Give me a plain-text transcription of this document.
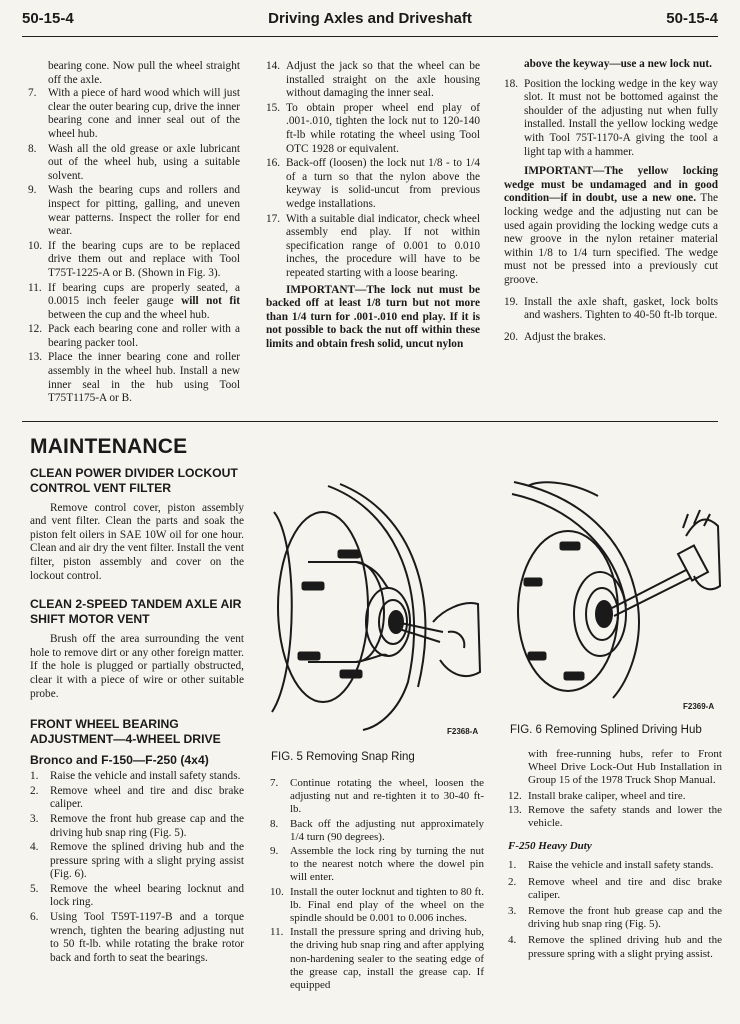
50-15-4	Driving Axles and Driveshaft	50-15-4

bearing cone. Now pull the wheel straight off the axle.

7.	With a piece of hard wood which will just clear the outer bearing cup, drive the inner bearing cone and inner seal out of the wheel hub.
8.	Wash all the old grease or axle lubricant out of the wheel hub, using a suitable solvent.
9.	Wash the bearing cups and rollers and inspect for pitting, galling, and uneven wear patterns. Inspect the roller for end wear.
10. If the bearing cups are to be replaced drive them out and replace with Tool T75T-1225-A or B. (Shown in Fig. 3).
11. If bearing cups are properly seated, a 0.0015 inch feeler gauge will not fit between the cup and the wheel hub.
12. Pack each bearing cone and roller with a bearing packer tool.
13. Place the inner bearing cone and roller assembly in the wheel hub. Install a new inner seal in the hub using Tool T75T1175-A or B.
14. Adjust the jack so that the wheel can be installed straight on the axle housing without damaging the inner seal.
15. To obtain proper wheel end play of .001-.010, tighten the lock nut to 120-140 ft-lb while rotating the wheel using Tool OTC 1928 or equivalent.
16. Back-off (loosen) the lock nut 1/8 - to 1/4 of a turn so that the nylon above the keyway is solid-uncut from previous wedge installations.
17. With a suitable dial indicator, check wheel assembly end play. If not within specification range of 0.001 to 0.010 inches, the procedure will have to be repeated starting with a loose bearing.

IMPORTANT—The lock nut must be backed off at least 1/8 turn but not more than 1/4 turn for .001-.010 end play. If it is not possible to back the nut off within these limits and obtain fresh solid, uncut nylon

above the keyway—use a new lock nut.

18. Position the locking wedge in the key way slot. It must not be bottomed against the shoulder of the adjusting nut when fully installed. Install the yellow locking wedge with Tool 75T-1170-A giving the tool a light tap with a hammer.

IMPORTANT—The yellow locking wedge must be undamaged and in good condition—if in doubt, use a new one. The locking wedge and the adjusting nut can be used again providing the locking wedge cuts a new groove in the nylon retainer material within 1/8 to 1/4 turn specified. The wedge must not be pressed into a previously cut groove.

19. Install the axle shaft, gasket, lock bolts and washers. Tighten to 40-50 ft-lb torque.
20. Adjust the brakes.
MAINTENANCE
CLEAN POWER DIVIDER LOCKOUT CONTROL VENT FILTER

Remove control cover, piston assembly and vent filter. Clean the parts and soak the piston felt oilers in SAE 10W oil for one hour. Clean and air dry the vent filter. Install the vent filter, piston assembly and cover on the lockout control.

CLEAN 2-SPEED TANDEM AXLE AIR SHIFT MOTOR VENT

Brush off the area surrounding the vent hole to remove dirt or any other foreign matter. If the hole is plugged or partially obstructed, clear it with a piece of wire or other suitable probe.

FRONT WHEEL BEARING ADJUSTMENT—4-WHEEL DRIVE
Bronco and F-150—F-250 (4x4)
1.	Raise the vehicle and install safety stands.
2.	Remove wheel and tire and disc brake caliper.
3.	Remove the front hub grease cap and the driving hub snap ring (Fig. 5).
4.	Remove the splined driving hub and the pressure spring with a slight prying assist (Fig. 6).
5.	Remove the wheel bearing locknut and lock ring.
6.	Using Tool T59T-1197-B and a torque wrench, tighten the bearing adjusting nut to 50 ft-lb. while rotating the brake rotor back and forth to seat the bearings.
F2368-A
FIG. 5 Removing Snap Ring
F2369-A
FIG. 6 Removing Splined Driving Hub
7.	Continue rotating the wheel, loosen the adjusting nut and re-tighten it to 30-40 ft-lb.
8.	Back off the adjusting nut approximately 1/4 turn (90 degrees).
9.	Assemble the lock ring by turning the nut to the nearest notch where the dowel pin will enter.
10. Install the outer locknut and tighten to 80 ft. lb. Final end play of the wheel on the spindle should be 0.001 to 0.006 inches.
11. Install the pressure spring and driving hub, the driving hub snap ring and after applying non-hardening sealer to the seating edge of the grease cap, install the grease cap. If equipped

with free-running hubs, refer to Front Wheel Drive Lock-Out Hub Installation in Group 15 of the 1978 Truck Shop Manual.

12. Install brake caliper, wheel and tire.
13. Remove the safety stands and lower the vehicle.

F-250 Heavy Duty

1.	Raise the vehicle and install safety stands.
2.	Remove wheel and tire and disc brake caliper.
3.	Remove the front hub grease cap and the driving hub snap ring (Fig. 5).
4.	Remove the splined driving hub and the pressure spring with a slight prying assist.
